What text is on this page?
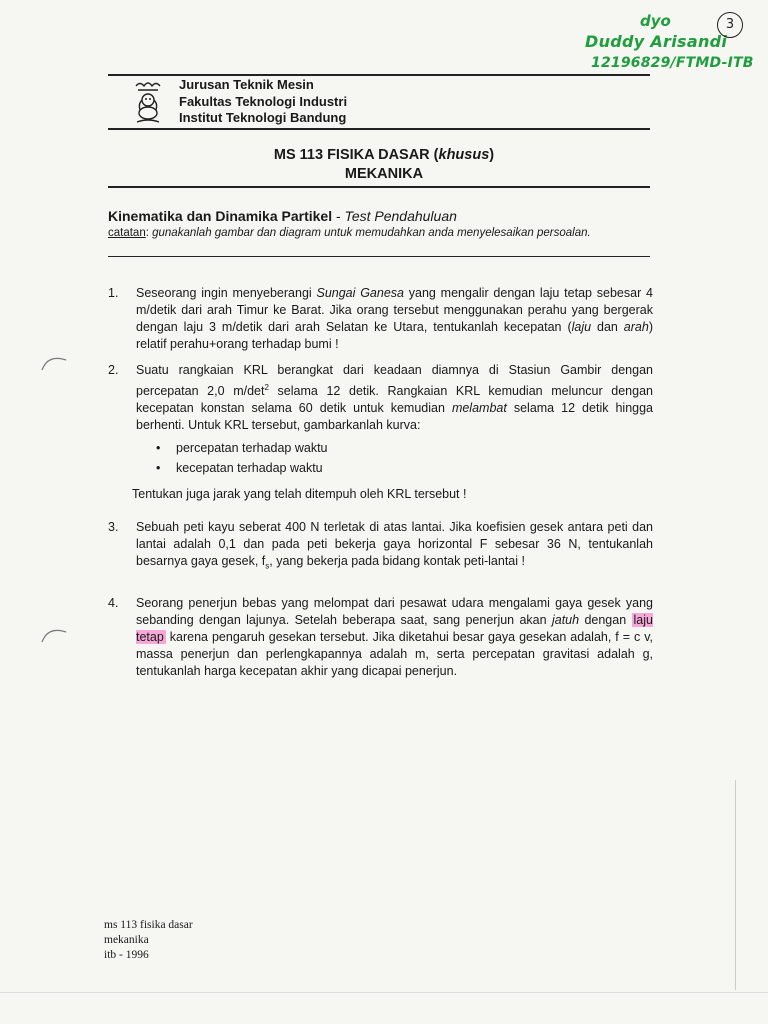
dyo
Duddy Arisandi
12196829/FTMD-ITB
3
Jurusan Teknik Mesin
Fakultas Teknologi Industri
Institut Teknologi Bandung
MS 113 FISIKA DASAR (khusus)
MEKANIKA
Kinematika dan Dinamika Partikel - Test Pendahuluan
catatan: gunakanlah gambar dan diagram untuk memudahkan anda menyelesaikan persoalan.
1. Seseorang ingin menyeberangi Sungai Ganesa yang mengalir dengan laju tetap sebesar 4 m/detik dari arah Timur ke Barat. Jika orang tersebut menggunakan perahu yang bergerak dengan laju 3 m/detik dari arah Selatan ke Utara, tentukanlah kecepatan (laju dan arah) relatif perahu+orang terhadap bumi !
2. Suatu rangkaian KRL berangkat dari keadaan diamnya di Stasiun Gambir dengan percepatan 2,0 $m/\det^2$ selama 12 detik. Rangkaian KRL kemudian meluncur dengan kecepatan konstan selama 60 detik untuk kemudian melambat selama 12 detik hingga berhenti. Untuk KRL tersebut, gambarkanlah kurva:
• percepatan terhadap waktu
• kecepatan terhadap waktu
Tentukan juga jarak yang telah ditempuh oleh KRL tersebut !
3. Sebuah peti kayu seberat 400 N terletak di atas lantai. Jika koefisien gesek antara peti dan lantai adalah 0,1 dan pada peti bekerja gaya horizontal F sebesar 36 N, tentukanlah besarnya gaya gesek, $f_s$, yang bekerja pada bidang kontak peti-lantai !
4. Seorang penerjun bebas yang melompat dari pesawat udara mengalami gaya gesek yang sebanding dengan lajunya. Setelah beberapa saat, sang penerjun akan jatuh dengan laju tetap karena pengaruh gesekan tersebut. Jika diketahui besar gaya gesekan adalah, f = c v, massa penerjun dan perlengkapannya adalah m, serta percepatan gravitasi adalah g, tentukanlah harga kecepatan akhir yang dicapai penerjun.
ms 113 fisika dasar
mekanika
itb - 1996
